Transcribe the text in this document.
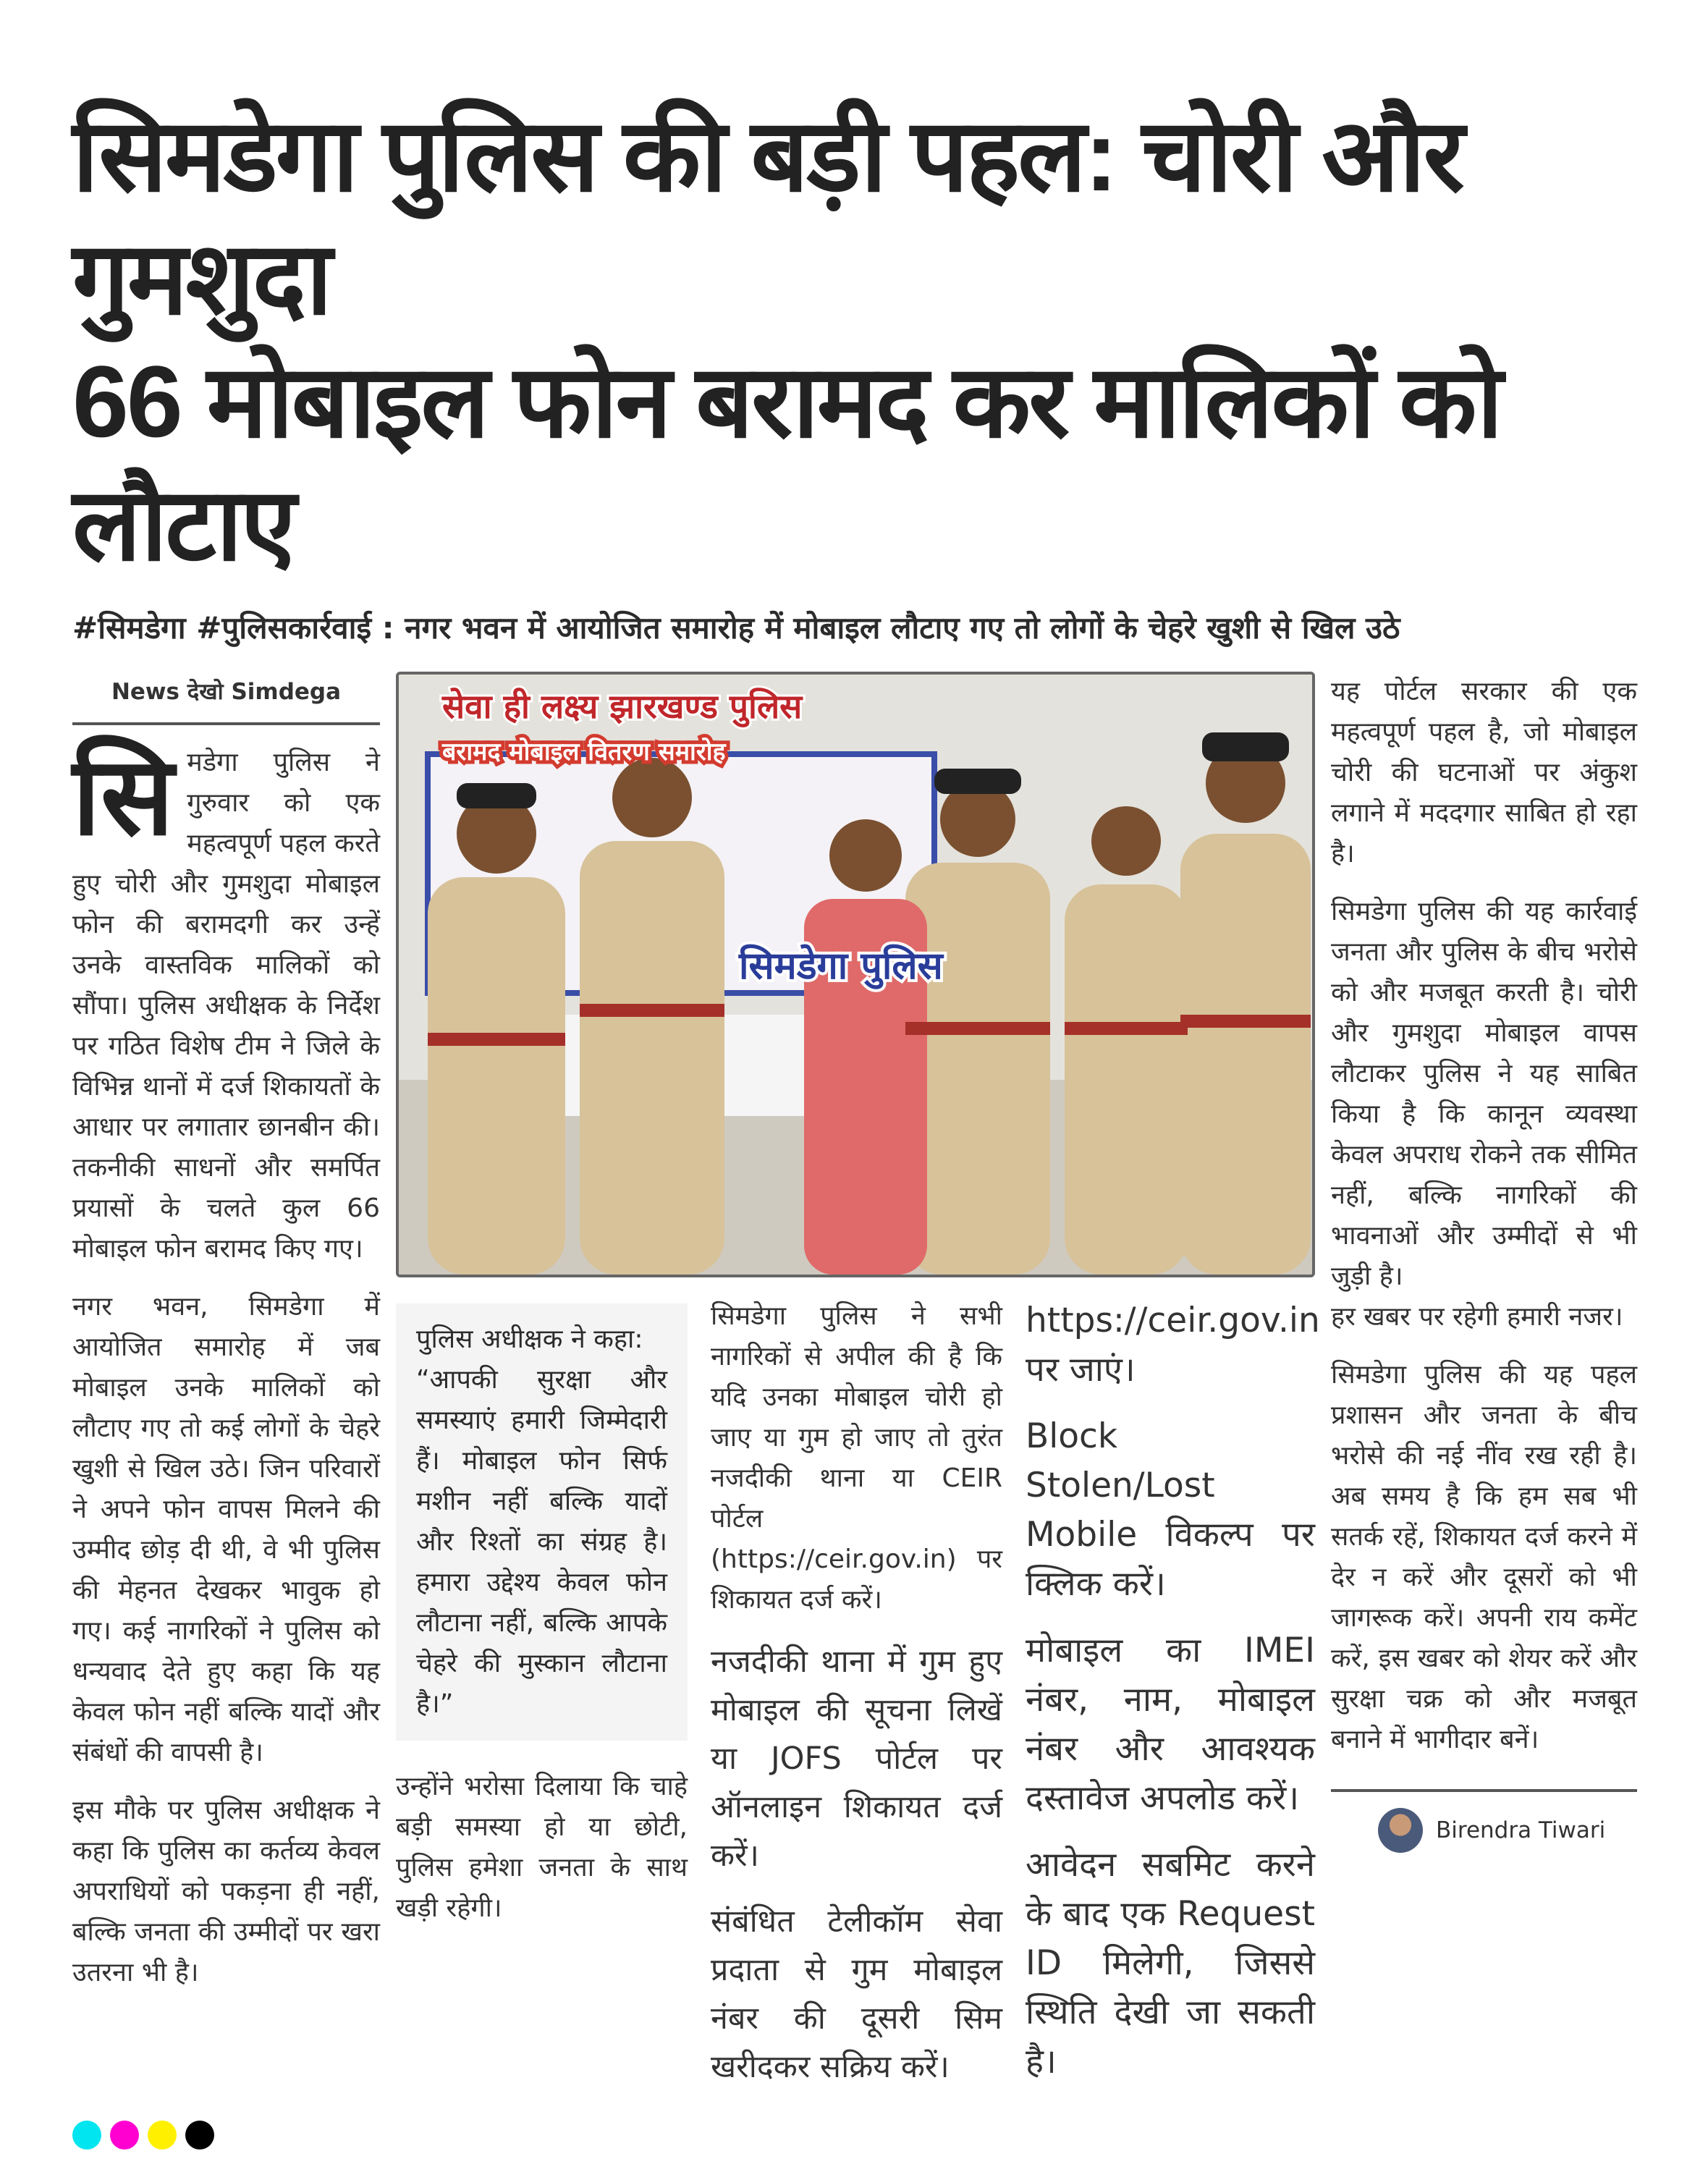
सिमडेगा पुलिस की बड़ी पहल: चोरी और गुमशुदा
66 मोबाइल फोन बरामद कर मालिकों को लौटाए
#सिमडेगा #पुलिसकार्रवाई : नगर भवन में आयोजित समारोह में मोबाइल लौटाए गए तो लोगों के चेहरे खुशी से खिल उठे
News देखो Simdega

सिमडेगा पुलिस ने गुरुवार को एक महत्वपूर्ण पहल करते हुए चोरी और गुमशुदा मोबाइल फोन की बरामदगी कर उन्हें उनके वास्तविक मालिकों को सौंपा। पुलिस अधीक्षक के निर्देश पर गठित विशेष टीम ने जिले के विभिन्न थानों में दर्ज शिकायतों के आधार पर लगातार छानबीन की। तकनीकी साधनों और समर्पित प्रयासों के चलते कुल 66 मोबाइल फोन बरामद किए गए।

नगर भवन, सिमडेगा में आयोजित समारोह में जब मोबाइल उनके मालिकों को लौटाए गए तो कई लोगों के चेहरे खुशी से खिल उठे। जिन परिवारों ने अपने फोन वापस मिलने की उम्मीद छोड़ दी थी, वे भी पुलिस की मेहनत देखकर भावुक हो गए। कई नागरिकों ने पुलिस को धन्यवाद देते हुए कहा कि यह केवल फोन नहीं बल्कि यादों और संबंधों की वापसी है।

इस मौके पर पुलिस अधीक्षक ने कहा कि पुलिस का कर्तव्य केवल अपराधियों को पकड़ना ही नहीं, बल्कि जनता की उम्मीदों पर खरा उतरना भी है।

सेवा ही लक्ष्य झारखण्ड पुलिस
बरामद मोबाइल वितरण समारोह
सिमडेगा पुलिस
पुलिस अधीक्षक ने कहा:
“आपकी सुरक्षा और समस्याएं हमारी जिम्मेदारी हैं। मोबाइल फोन सिर्फ मशीन नहीं बल्कि यादों और रिश्तों का संग्रह है। हमारा उद्देश्य केवल फोन लौटाना नहीं, बल्कि आपके चेहरे की मुस्कान लौटाना है।”

उन्होंने भरोसा दिलाया कि चाहे बड़ी समस्या हो या छोटी, पुलिस हमेशा जनता के साथ खड़ी रहेगी।

सिमडेगा पुलिस ने सभी नागरिकों से अपील की है कि यदि उनका मोबाइल चोरी हो जाए या गुम हो जाए तो तुरंत नजदीकी थाना या CEIR पोर्टल (https://ceir.gov.in) पर शिकायत दर्ज करें।

नजदीकी थाना में गुम हुए मोबाइल की सूचना लिखें या JOFS पोर्टल पर ऑनलाइन शिकायत दर्ज करें।

संबंधित टेलीकॉम सेवा प्रदाता से गुम मोबाइल नंबर की दूसरी सिम खरीदकर सक्रिय करें।

https://ceir.gov.in पर जाएं।

Block Stolen/Lost Mobile विकल्प पर क्लिक करें।

मोबाइल का IMEI नंबर, नाम, मोबाइल नंबर और आवश्यक दस्तावेज अपलोड करें।

आवेदन सबमिट करने के बाद एक Request ID मिलेगी, जिससे स्थिति देखी जा सकती है।

यह पोर्टल सरकार की एक महत्वपूर्ण पहल है, जो मोबाइल चोरी की घटनाओं पर अंकुश लगाने में मददगार साबित हो रहा है।

सिमडेगा पुलिस की यह कार्रवाई जनता और पुलिस के बीच भरोसे को और मजबूत करती है। चोरी और गुमशुदा मोबाइल वापस लौटाकर पुलिस ने यह साबित किया है कि कानून व्यवस्था केवल अपराध रोकने तक सीमित नहीं, बल्कि नागरिकों की भावनाओं और उम्मीदों से भी जुड़ी है।

हर खबर पर रहेगी हमारी नजर।

सिमडेगा पुलिस की यह पहल प्रशासन और जनता के बीच भरोसे की नई नींव रख रही है। अब समय है कि हम सब भी सतर्क रहें, शिकायत दर्ज करने में देर न करें और दूसरों को भी जागरूक करें। अपनी राय कमेंट करें, इस खबर को शेयर करें और सुरक्षा चक्र को और मजबूत बनाने में भागीदार बनें।

Birendra Tiwari
